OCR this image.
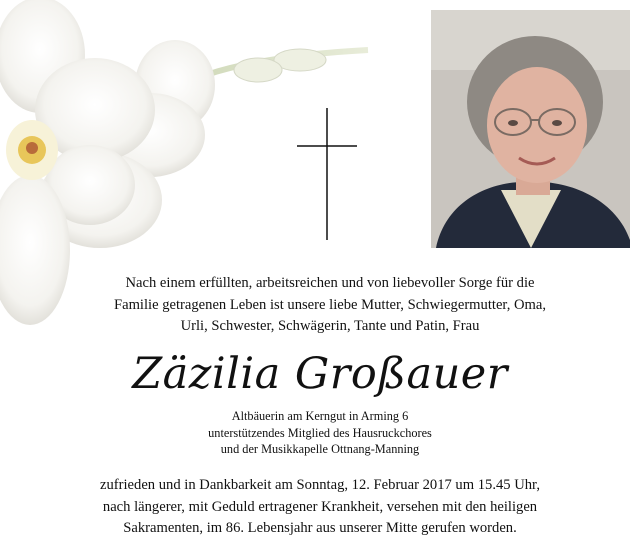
Nach einem erfüllten, arbeitsreichen und von liebevoller Sorge für die
Familie getragenen Leben ist unsere liebe Mutter, Schwiegermutter, Oma,
Urli, Schwester, Schwägerin, Tante und Patin, Frau
Zäzilia Großauer
Altbäuerin am Kerngut in Arming 6
unterstützendes Mitglied des Hausruckchores
und der Musikkapelle Ottnang-Manning
zufrieden und in Dankbarkeit am Sonntag, 12. Februar 2017 um 15.45 Uhr,
nach längerer, mit Geduld ertragener Krankheit, versehen mit den heiligen
Sakramenten, im 86. Lebensjahr aus unserer Mitte gerufen worden.
